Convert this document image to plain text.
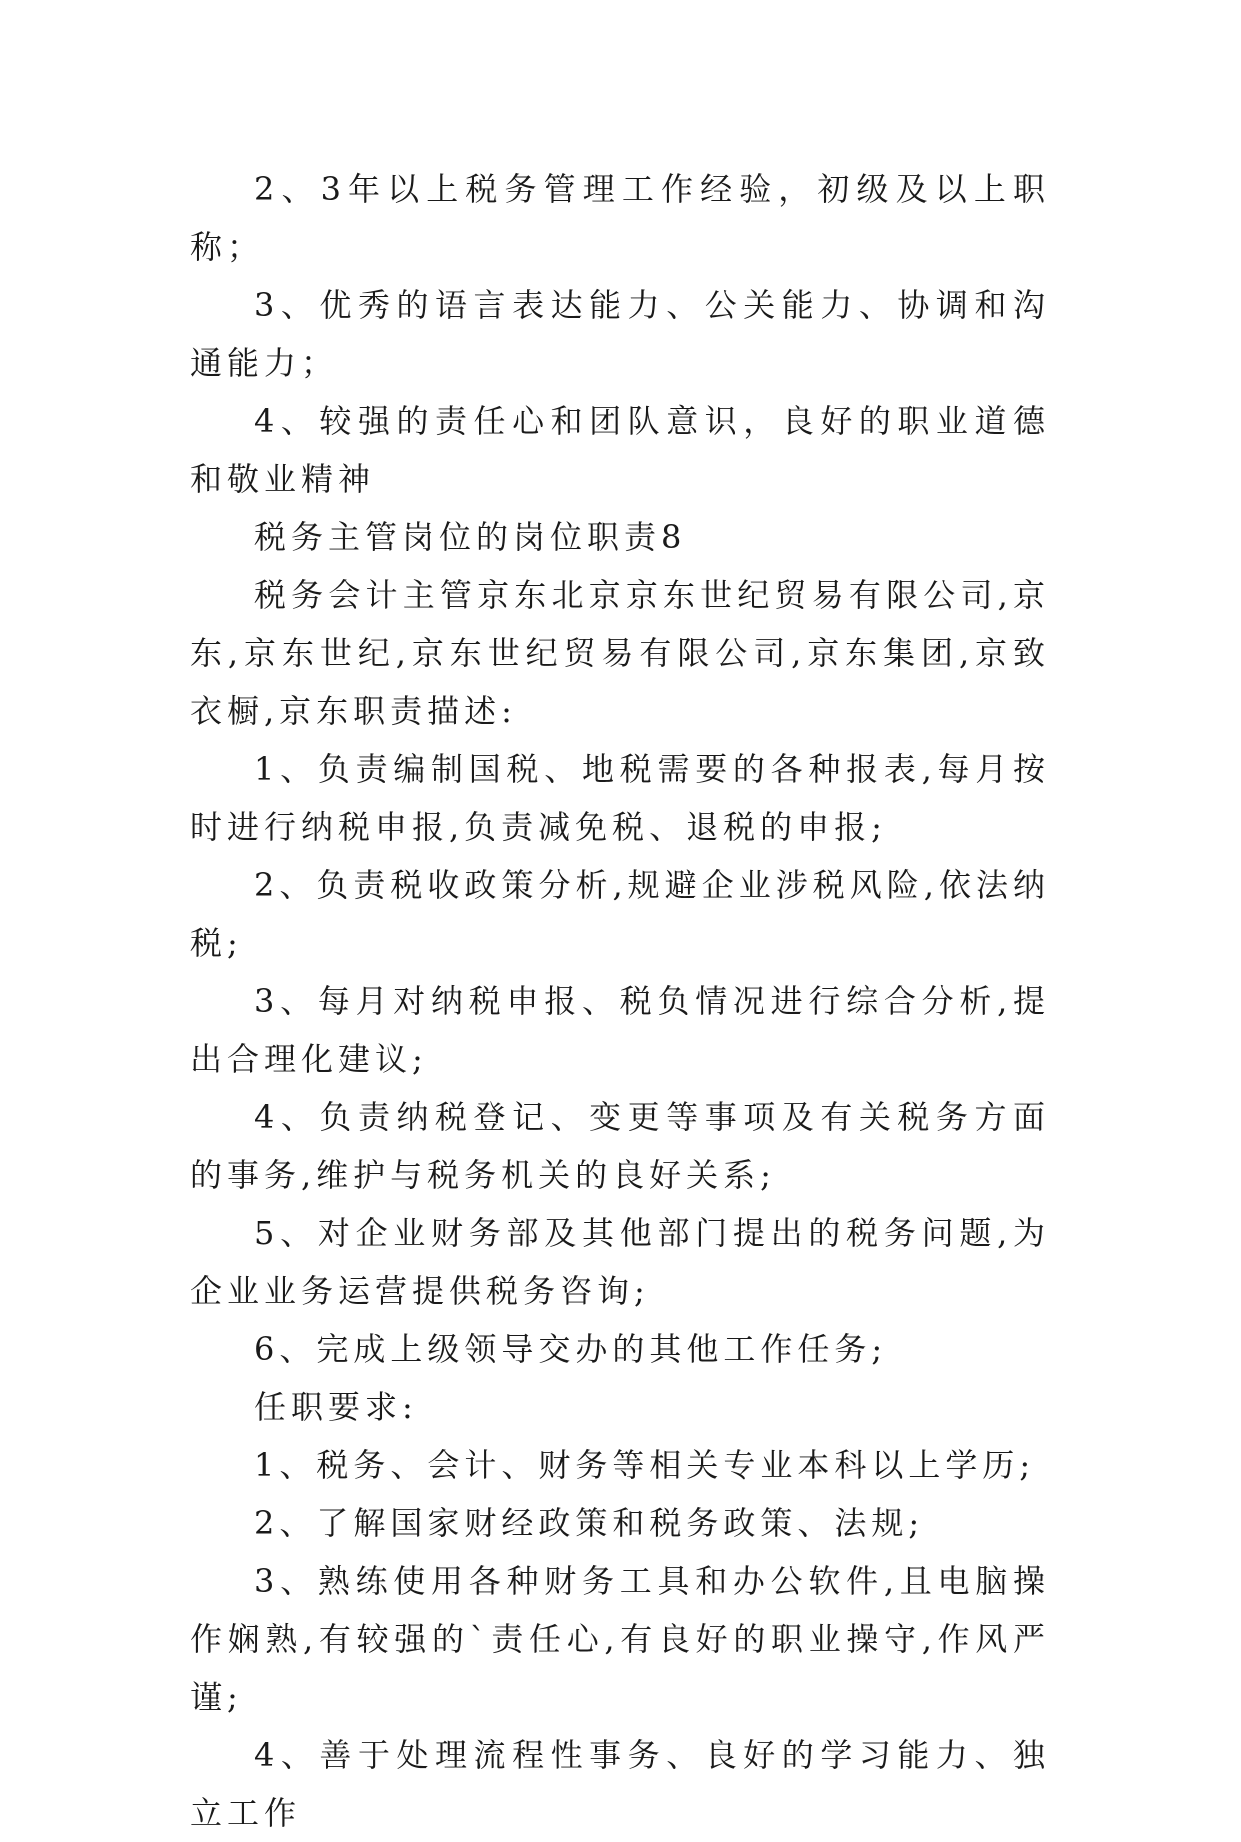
2、3年以上税务管理工作经验，初级及以上职称；

3、优秀的语言表达能力、公关能力、协调和沟通能力；

4、较强的责任心和团队意识，良好的职业道德和敬业精神

税务主管岗位的岗位职责8

税务会计主管京东北京京东世纪贸易有限公司,京东,京东世纪,京东世纪贸易有限公司,京东集团,京致衣橱,京东职责描述:

1、负责编制国税、地税需要的各种报表,每月按时进行纳税申报,负责减免税、退税的申报;

2、负责税收政策分析,规避企业涉税风险,依法纳税;

3、每月对纳税申报、税负情况进行综合分析,提出合理化建议;

4、负责纳税登记、变更等事项及有关税务方面的事务,维护与税务机关的良好关系;

5、对企业财务部及其他部门提出的税务问题,为企业业务运营提供税务咨询;

6、完成上级领导交办的其他工作任务;

任职要求:

1、税务、会计、财务等相关专业本科以上学历;

2、了解国家财经政策和税务政策、法规;

3、熟练使用各种财务工具和办公软件,且电脑操作娴熟,有较强的`责任心,有良好的职业操守,作风严谨;

4、善于处理流程性事务、良好的学习能力、独立工作
